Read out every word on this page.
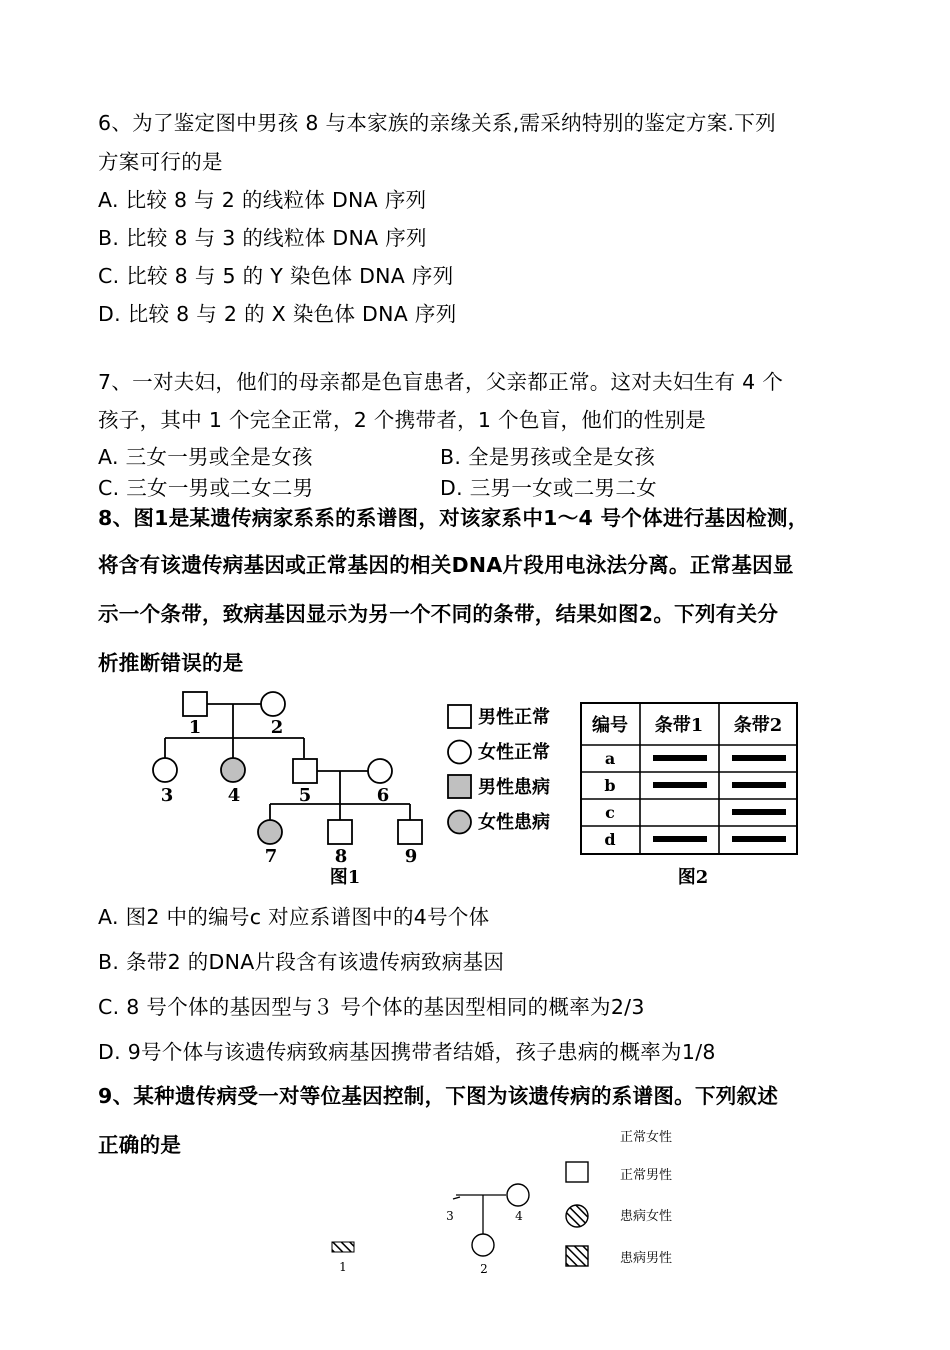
6、为了鉴定图中男孩 8 与本家族的亲缘关系,需采纳特别的鉴定方案.下列
方案可行的是
A. 比较 8 与 2 的线粒体 DNA 序列
B. 比较 8 与 3 的线粒体 DNA 序列
C. 比较 8 与 5 的 Y 染色体 DNA 序列
D. 比较 8 与 2 的 X 染色体 DNA 序列
7、一对夫妇，他们的母亲都是色盲患者，父亲都正常。这对夫妇生有 4 个
孩子，其中 1 个完全正常，2 个携带者，1 个色盲，他们的性别是
A. 三女一男或全是女孩	B. 全是男孩或全是女孩
C. 三女一男或二女二男	D. 三男一女或二男二女
8、图1是某遗传病家系系的系谱图，对该家系中1～4 号个体进行基因检测，
将含有该遗传病基因或正常基因的相关DNA片段用电泳法分离。正常基因显
示一个条带，致病基因显示为另一个不同的条带，结果如图2。下列有关分
析推断错误的是
1	2
3	4	5	6
7	8	9
图1
男性正常
女性正常
男性患病
女性患病
编号 条带1 条带2
a
b
c
d
图2
A. 图2 中的编号c 对应系谱图中的4号个体
B. 条带2 的DNA片段含有该遗传病致病基因
C. 8 号个体的基因型与３ 号个体的基因型相同的概率为2/3
D. 9号个体与该遗传病致病基因携带者结婚，孩子患病的概率为1/8
9、某种遗传病受一对等位基因控制，下图为该遗传病的系谱图。下列叙述
正确的是	正常女性
正常男性
患病女性
患病男性
3	4
1	2
